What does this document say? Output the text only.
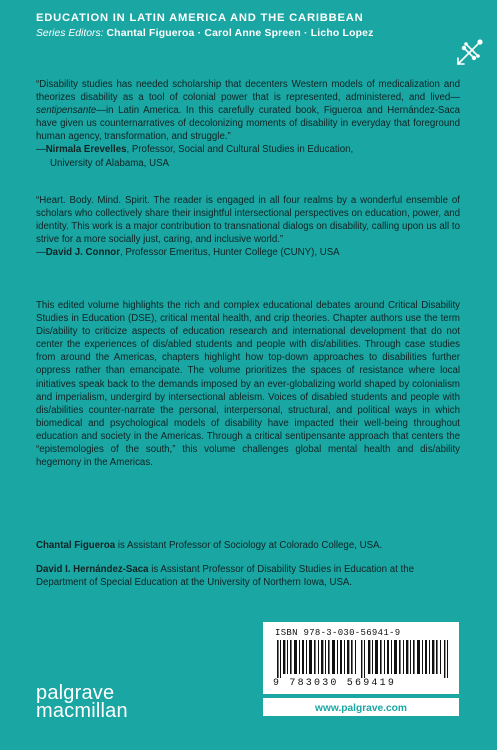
EDUCATION IN LATIN AMERICA AND THE CARIBBEAN
Series Editors: Chantal Figueroa · Carol Anne Spreen · Licho Lopez
“Disability studies has needed scholarship that decenters Western models of medicalization and theorizes disability as a tool of colonial power that is represented, administered, and lived—sentipensante—in Latin America. In this carefully curated book, Figueroa and Hernández-Saca have given us counternarratives of decolonizing moments of disability in everyday that foreground human agency, transformation, and struggle.”
—Nirmala Erevelles, Professor, Social and Cultural Studies in Education,
University of Alabama, USA
“Heart. Body. Mind. Spirit. The reader is engaged in all four realms by a wonderful ensemble of scholars who collectively share their insightful intersectional perspectives on education, power, and identity. This work is a major contribution to transnational dialogs on disability, calling upon us all to strive for a more socially just, caring, and inclusive world.”
—David J. Connor, Professor Emeritus, Hunter College (CUNY), USA
This edited volume highlights the rich and complex educational debates around Critical Disability Studies in Education (DSE), critical mental health, and crip theories. Chapter authors use the term Dis/ability to criticize aspects of education research and international development that do not center the experiences of dis/abled students and people with dis/abilities. Through case studies from around the Americas, chapters highlight how top-down approaches to disabilities further oppress rather than emancipate. The volume prioritizes the spaces of resistance where local initiatives speak back to the demands imposed by an ever-globalizing world shaped by colonialism and imperialism, undergird by intersectional ableism. Voices of disabled students and people with dis/abilities counter-narrate the personal, interpersonal, structural, and political ways in which biomedical and psychological models of disability have impacted their well-being throughout education and society in the Americas. Through a critical sentipensante approach that centers the “epistemologies of the south,” this volume challenges global mental health and dis/ability hegemony in the Americas.
Chantal Figueroa is Assistant Professor of Sociology at Colorado College, USA.
David I. Hernández-Saca is Assistant Professor of Disability Studies in Education at the Department of Special Education at the University of Northern Iowa, USA.
ISBN 978-3-030-56941-9
9 783030 569419
www.palgrave.com
palgrave
macmillan
